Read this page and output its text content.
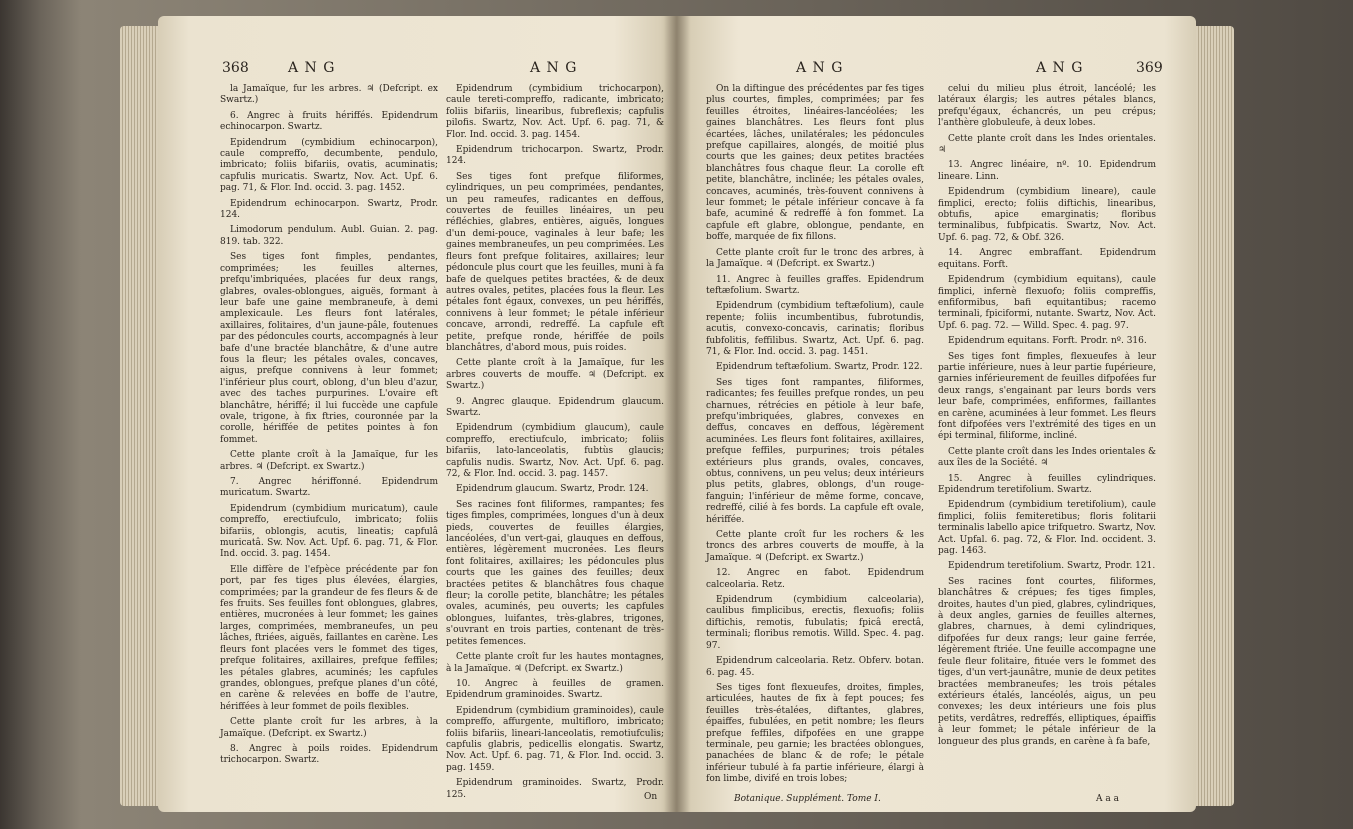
368	A N G	A N G

la Jamaïque, fur les arbres. ♃ (Defcript. ex Swartz.)

6. Angrec à fruits hériffés. Epidendrum echinocarpon. Swartz.

Epidendrum (cymbidium echinocarpon), caule compreffo, decumbente, pendulo, imbricato; foliis bifariis, ovatis, acuminatis; capfulis muricatis. Swartz, Nov. Act. Upf. 6. pag. 71, & Flor. Ind. occid. 3. pag. 1452.

Epidendrum echinocarpon. Swartz, Prodr. 124.

Limodorum pendulum. Aubl. Guian. 2. pag. 819. tab. 322.

Ses tiges font fimples, pendantes, comprimées; les feuilles alternes, prefqu'imbriquées, placées fur deux rangs, glabres, ovales-oblongues, aiguës, formant à leur bafe une gaine membraneufe, à demi amplexicaule. Les fleurs font latérales, axillaires, folitaires, d'un jaune-pâle, foutenues par des pédoncules courts, accompagnés à leur bafe d'une bractée blanchâtre, & d'une autre fous la fleur; les pétales ovales, concaves, aigus, prefque connivens à leur fommet; l'inférieur plus court, oblong, d'un bleu d'azur, avec des taches purpurines. L'ovaire eft blanchâtre, hériffé; il lui fuccède une capfule ovale, trigone, à fix ftries, couronnée par la corolle, hériffée de petites pointes à fon fommet.

Cette plante croît à la Jamaïque, fur les arbres. ♃ (Defcript. ex Swartz.)

7. Angrec hériffonné. Epidendrum muricatum. Swartz.

Epidendrum (cymbidium muricatum), caule compreffo, erectiufculo, imbricato; foliis bifariis, oblongis, acutis, lineatis; capfulâ muricatâ. Sw. Nov. Act. Upf. 6. pag. 71, & Flor. Ind. occid. 3. pag. 1454.

Elle diffère de l'efpèce précédente par fon port, par fes tiges plus élevées, élargies, comprimées; par la grandeur de fes fleurs & de fes fruits. Ses feuilles font oblongues, glabres, entières, mucronées à leur fommet; les gaines larges, comprimées, membraneufes, un peu lâches, ftriées, aiguës, faillantes en carène. Les fleurs font placées vers le fommet des tiges, prefque folitaires, axillaires, prefque feffiles; les pétales glabres, acuminés; les capfules grandes, oblongues, prefque planes d'un côté, en carène & relevées en boffe de l'autre, hériffées à leur fommet de poils flexibles.

Cette plante croît fur les arbres, à la Jamaïque. (Defcript. ex Swartz.)

8. Angrec à poils roides. Epidendrum trichocarpon. Swartz.

Epidendrum (cymbidium trichocarpon), caule tereti-compreffo, radicante, imbricato; foliis bifariis, linearibus, fubreflexis; capfulis pilofis. Swartz, Nov. Act. Upf. 6. pag. 71, & Flor. Ind. occid. 3. pag. 1454.

Epidendrum trichocarpon. Swartz, Prodr. 124.

Ses tiges font prefque filiformes, cylindriques, un peu comprimées, pendantes, un peu rameufes, radicantes en deffous, couvertes de feuilles linéaires, un peu réfléchies, glabres, entières, aiguës, longues d'un demi-pouce, vaginales à leur bafe; les gaines membraneufes, un peu comprimées. Les fleurs font prefque folitaires, axillaires; leur pédoncule plus court que les feuilles, muni à fa bafe de quelques petites bractées, & de deux autres ovales, petites, placées fous la fleur. Les pétales font égaux, convexes, un peu hériffés, connivens à leur fommet; le pétale inférieur concave, arrondi, redreffé. La capfule eft petite, prefque ronde, hériffée de poils blanchâtres, d'abord mous, puis roides.

Cette plante croît à la Jamaïque, fur les arbres couverts de mouffe. ♃ (Defcript. ex Swartz.)

9. Angrec glauque. Epidendrum glaucum. Swartz.

Epidendrum (cymbidium glaucum), caule compreffo, erectiufculo, imbricato; foliis bifariis, lato-lanceolatis, fubtùs glaucis; capfulis nudis. Swartz, Nov. Act. Upf. 6. pag. 72, & Flor. Ind. occid. 3. pag. 1457.

Epidendrum glaucum. Swartz, Prodr. 124.

Ses racines font filiformes, rampantes; fes tiges fimples, comprimées, longues d'un à deux pieds, couvertes de feuilles élargies, lancéolées, d'un vert-gai, glauques en deffous, entières, légèrement mucronées. Les fleurs font folitaires, axillaires; les pédoncules plus courts que les gaines des feuilles; deux bractées petites & blanchâtres fous chaque fleur; la corolle petite, blanchâtre; les pétales ovales, acuminés, peu ouverts; les capfules oblongues, luifantes, très-glabres, trigones, s'ouvrant en trois parties, contenant de très-petites femences.

Cette plante croît fur les hautes montagnes, à la Jamaïque. ♃ (Defcript. ex Swartz.)

10. Angrec à feuilles de gramen. Epidendrum graminoides. Swartz.

Epidendrum (cymbidium graminoides), caule compreffo, affurgente, multifloro, imbricato; foliis bifariis, lineari-lanceolatis, remotiufculis; capfulis glabris, pedicellis elongatis. Swartz, Nov. Act. Upf. 6. pag. 71, & Flor. Ind. occid. 3. pag. 1459.

Epidendrum graminoides. Swartz, Prodr. 125.	On
A N G	A N G	369

On la diftingue des précédentes par fes tiges plus courtes, fimples, comprimées; par fes feuilles étroites, linéaires-lancéolées; les gaines blanchâtres. Les fleurs font plus écartées, lâches, unilatérales; les pédoncules prefque capillaires, alongés, de moitié plus courts que les gaines; deux petites bractées blanchâtres fous chaque fleur. La corolle eft petite, blanchâtre, inclinée; les pétales ovales, concaves, acuminés, très-fouvent connivens à leur fommet; le pétale inférieur concave à fa bafe, acuminé & redreffé à fon fommet. La capfule eft glabre, oblongue, pendante, en boffe, marquée de fix fillons.

Cette plante croît fur le tronc des arbres, à la Jamaïque. ♃ (Defcript. ex Swartz.)

11. Angrec à feuilles graffes. Epidendrum teftæfolium. Swartz.

Epidendrum (cymbidium teftæfolium), caule repente; foliis incumbentibus, fubrotundis, acutis, convexo-concavis, carinatis; floribus fubfolitis, feffilibus. Swartz, Act. Upf. 6. pag. 71, & Flor. Ind. occid. 3. pag. 1451.

Epidendrum teftæfolium. Swartz, Prodr. 122.

Ses tiges font rampantes, filiformes, radicantes; fes feuilles prefque rondes, un peu charnues, rétrécies en pétiole à leur bafe, prefqu'imbriquées, glabres, convexes en deffus, concaves en deffous, légèrement acuminées. Les fleurs font folitaires, axillaires, prefque feffiles, purpurines; trois pétales extérieurs plus grands, ovales, concaves, obtus, connivens, un peu velus; deux intérieurs plus petits, glabres, oblongs, d'un rouge-fanguin; l'inférieur de même forme, concave, redreffé, cilié à fes bords. La capfule eft ovale, hériffée.

Cette plante croît fur les rochers & les troncs des arbres couverts de mouffe, à la Jamaïque. ♃ (Defcript. ex Swartz.)

12. Angrec en fabot. Epidendrum calceolaria. Retz.

Epidendrum (cymbidium calceolaria), caulibus fimplicibus, erectis, flexuofis; foliis diftichis, remotis, fubulatis; fpicâ erectâ, terminali; floribus remotis. Willd. Spec. 4. pag. 97.

Epidendrum calceolaria. Retz. Obferv. botan. 6. pag. 45.

Ses tiges font flexueufes, droites, fimples, articulées, hautes de fix à fept pouces; fes feuilles très-étalées, diftantes, glabres, épaiffes, fubulées, en petit nombre; les fleurs prefque feffiles, difpofées en une grappe terminale, peu garnie; les bractées oblongues, panachées de blanc & de rofe; le pétale inférieur tubulé à fa partie inférieure, élargi à fon limbe, divifé en trois lobes;

celui du milieu plus étroit, lancéolé; les latéraux élargis; les autres pétales blancs, prefqu'égaux, échancrés, un peu crépus; l'anthère globuleufe, à deux lobes.

Cette plante croît dans les Indes orientales. ♃

13. Angrec linéaire, nº. 10. Epidendrum lineare. Linn.

Epidendrum (cymbidium lineare), caule fimplici, erecto; foliis diftichis, linearibus, obtufis, apice emarginatis; floribus terminalibus, fubfpicatis. Swartz, Nov. Act. Upf. 6. pag. 72, & Obf. 326.

14. Angrec embraffant. Epidendrum equitans. Forft.

Epidendrum (cymbidium equitans), caule fimplici, infernè flexuofo; foliis compreffis, enfiformibus, bafi equitantibus; racemo terminali, fpiciformi, nutante. Swartz, Nov. Act. Upf. 6. pag. 72. — Willd. Spec. 4. pag. 97.

Epidendrum equitans. Forft. Prodr. nº. 316.

Ses tiges font fimples, flexueufes à leur partie inférieure, nues à leur partie fupérieure, garnies inférieurement de feuilles difpofées fur deux rangs, s'engainant par leurs bords vers leur bafe, comprimées, enfiformes, faillantes en carène, acuminées à leur fommet. Les fleurs font difpofées vers l'extrémité des tiges en un épi terminal, filiforme, incliné.

Cette plante croît dans les Indes orientales & aux îles de la Société. ♃

15. Angrec à feuilles cylindriques. Epidendrum teretifolium. Swartz.

Epidendrum (cymbidium teretifolium), caule fimplici, foliis femiteretibus; floris folitarii terminalis labello apice trifquetro. Swartz, Nov. Act. Upfal. 6. pag. 72, & Flor. Ind. occident. 3. pag. 1463.

Epidendrum teretifolium. Swartz, Prodr. 121.

Ses racines font courtes, filiformes, blanchâtres & crépues; fes tiges fimples, droites, hautes d'un pied, glabres, cylindriques, à deux angles, garnies de feuilles alternes, glabres, charnues, à demi cylindriques, difpofées fur deux rangs; leur gaine ferrée, légèrement ftriée. Une feuille accompagne une feule fleur folitaire, fituée vers le fommet des tiges, d'un vert-jaunâtre, munie de deux petites bractées membraneufes; les trois pétales extérieurs étalés, lancéolés, aigus, un peu convexes; les deux intérieurs une fois plus petits, verdâtres, redreffés, elliptiques, épaiffis à leur fommet; le pétale inférieur de la longueur des plus grands, en carène à fa bafe,

Botanique. Supplément. Tome I.	A a a
